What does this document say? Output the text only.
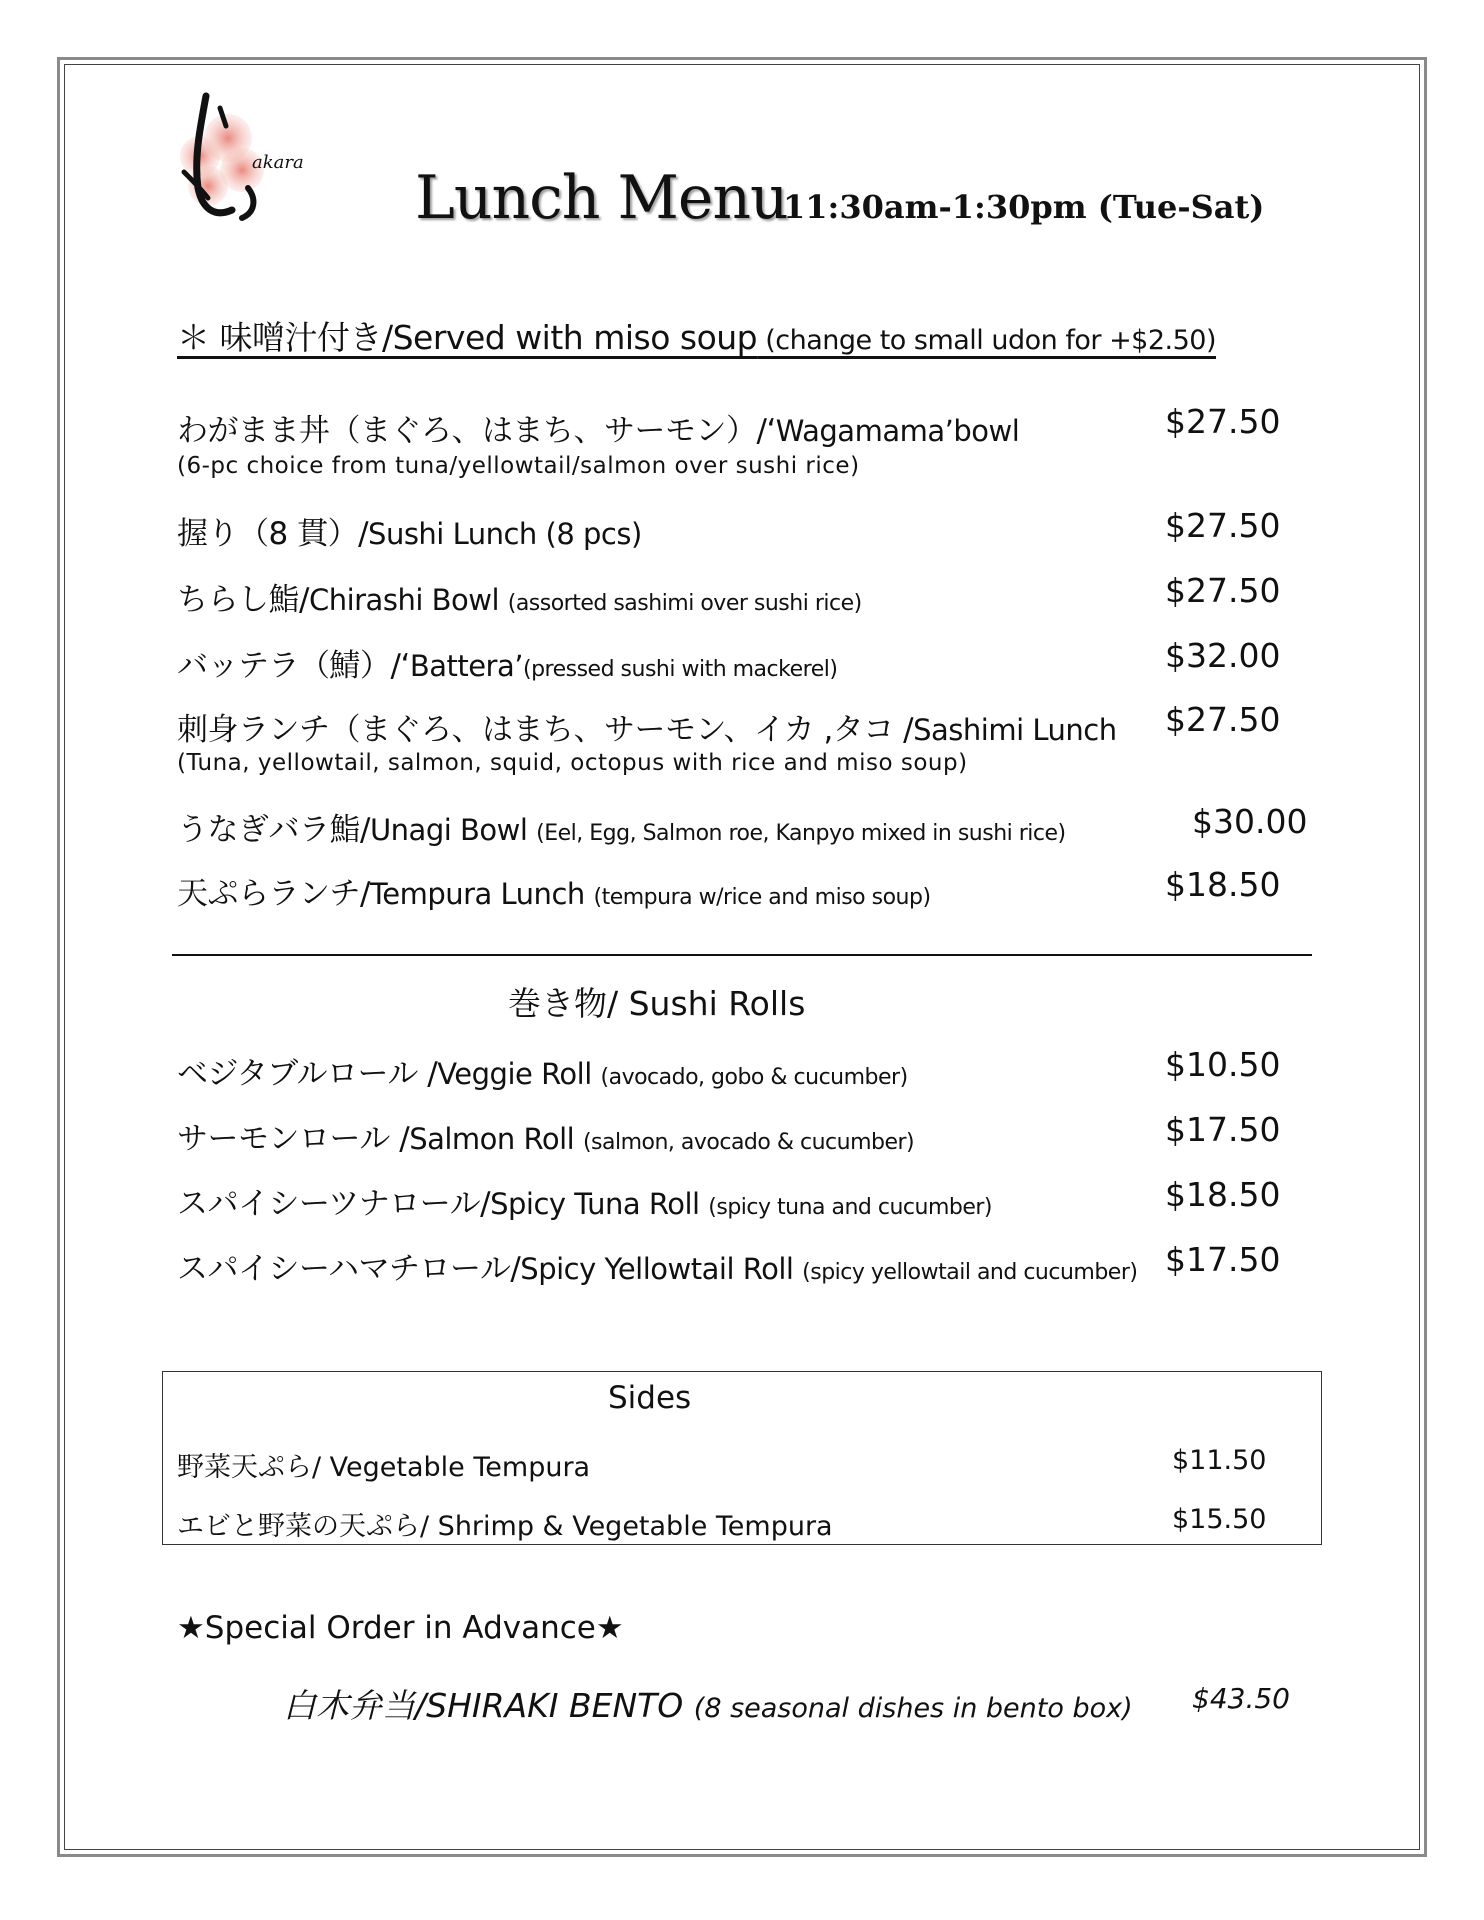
akara
Lunch Menu
11:30am-1:30pm (Tue-Sat)
＊ 味噌汁付き/Served with miso soup (change to small udon for +$2.50)
わがまま丼（まぐろ、はまち、サーモン）/‘Wagamama’bowl	$27.50
(6-pc choice from tuna/yellowtail/salmon over sushi rice)
握り（8 貫）/Sushi Lunch (8 pcs)	$27.50
ちらし鮨/Chirashi Bowl (assorted sashimi over sushi rice)	$27.50
バッテラ（鯖）/‘Battera’(pressed sushi with mackerel)	$32.00
刺身ランチ（まぐろ、はまち、サーモン、イカ ,タコ /Sashimi Lunch $27.50
(Tuna, yellowtail, salmon, squid, octopus with rice and miso soup)
うなぎバラ鮨/Unagi Bowl (Eel, Egg, Salmon roe, Kanpyo mixed in sushi rice)	$30.00
天ぷらランチ/Tempura Lunch (tempura w/rice and miso soup)	$18.50
巻き物/ Sushi Rolls
ベジタブルロール /Veggie Roll (avocado, gobo & cucumber)	$10.50
サーモンロール /Salmon Roll (salmon, avocado & cucumber)	$17.50
スパイシーツナロール/Spicy Tuna Roll (spicy tuna and cucumber)	$18.50
スパイシーハマチロール/Spicy Yellowtail Roll (spicy yellowtail and cucumber) $17.50
Sides
野菜天ぷら/ Vegetable Tempura	$11.50
エビと野菜の天ぷら/ Shrimp & Vegetable Tempura	$15.50
★Special Order in Advance★
白木弁当/SHIRAKI BENTO (8 seasonal dishes in bento box) $43.50
